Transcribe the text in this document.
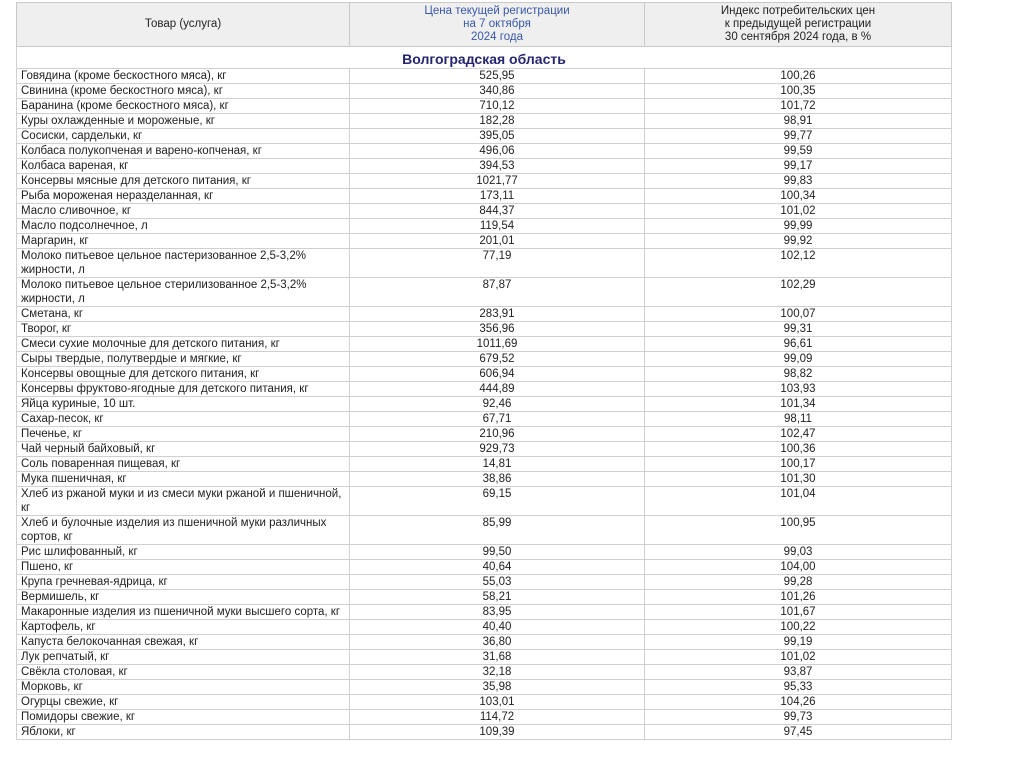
Товар (услуга)	Цена текущей регистрации
на 7 октября
2024 года	Индекс потребительских цен
к предыдущей регистрации
30 сентября 2024 года, в %
Волгоградская область		
Говядина (кроме бескостного мяса), кг	525,95	100,26
Свинина (кроме бескостного мяса), кг	340,86	100,35
Баранина (кроме бескостного мяса), кг	710,12	101,72
Куры охлажденные и мороженые, кг	182,28	98,91
Сосиски, сардельки, кг	395,05	99,77
Колбаса полукопченая и варено-копченая, кг	496,06	99,59
Колбаса вареная, кг	394,53	99,17
Консервы мясные для детского питания, кг	1021,77	99,83
Рыба мороженая неразделанная, кг	173,11	100,34
Масло сливочное, кг	844,37	101,02
Масло подсолнечное, л	119,54	99,99
Маргарин, кг	201,01	99,92
Молоко питьевое цельное пастеризованное 2,5-3,2% жирности, л	77,19	102,12
Молоко питьевое цельное стерилизованное 2,5-3,2% жирности, л	87,87	102,29
Сметана, кг	283,91	100,07
Творог, кг	356,96	99,31
Смеси сухие молочные для детского питания, кг	1011,69	96,61
Сыры твердые, полутвердые и мягкие, кг	679,52	99,09
Консервы овощные для детского питания, кг	606,94	98,82
Консервы фруктово-ягодные для детского питания, кг	444,89	103,93
Яйца куриные, 10 шт.	92,46	101,34
Сахар-песок, кг	67,71	98,11
Печенье, кг	210,96	102,47
Чай черный байховый, кг	929,73	100,36
Соль поваренная пищевая, кг	14,81	100,17
Мука пшеничная, кг	38,86	101,30
Хлеб из ржаной муки и из смеси муки ржаной и пшеничной, кг	69,15	101,04
Хлеб и булочные изделия из пшеничной муки различных сортов, кг	85,99	100,95
Рис шлифованный, кг	99,50	99,03
Пшено, кг	40,64	104,00
Крупа гречневая-ядрица, кг	55,03	99,28
Вермишель, кг	58,21	101,26
Макаронные изделия из пшеничной муки высшего сорта, кг	83,95	101,67
Картофель, кг	40,40	100,22
Капуста белокочанная свежая, кг	36,80	99,19
Лук репчатый, кг	31,68	101,02
Свёкла столовая, кг	32,18	93,87
Морковь, кг	35,98	95,33
Огурцы свежие, кг	103,01	104,26
Помидоры свежие, кг	114,72	99,73
Яблоки, кг	109,39	97,45
